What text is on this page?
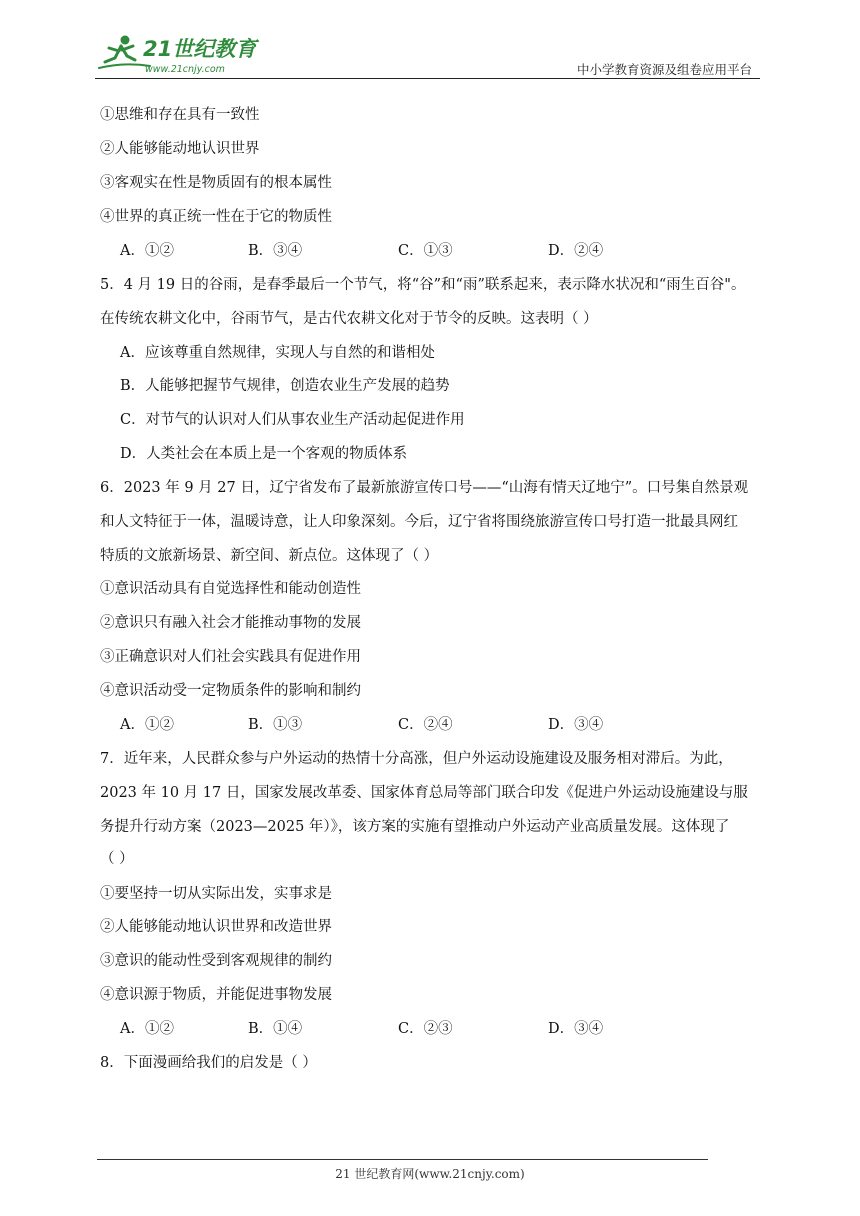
21世纪教育
www.21cnjy.com	中小学教育资源及组卷应用平台
①思维和存在具有一致性
②人能够能动地认识世界
③客观实在性是物质固有的根本属性
④世界的真正统一性在于它的物质性
A．①②	B．③④	C．①③	D．②④
5．4 月 19 日的谷雨，是春季最后一个节气，将“谷”和“雨”联系起来，表示降水状况和“雨生百谷"。
在传统农耕文化中，谷雨节气，是古代农耕文化对于节令的反映。这表明（ ）
A．应该尊重自然规律，实现人与自然的和谐相处
B．人能够把握节气规律，创造农业生产发展的趋势
C．对节气的认识对人们从事农业生产活动起促进作用
D．人类社会在本质上是一个客观的物质体系
6．2023 年 9 月 27 日，辽宁省发布了最新旅游宣传口号——“山海有情天辽地宁”。口号集自然景观
和人文特征于一体，温暖诗意，让人印象深刻。今后，辽宁省将围绕旅游宣传口号打造一批最具网红
特质的文旅新场景、新空间、新点位。这体现了（ ）
①意识活动具有自觉选择性和能动创造性
②意识只有融入社会才能推动事物的发展
③正确意识对人们社会实践具有促进作用
④意识活动受一定物质条件的影响和制约
A．①②	B．①③	C．②④	D．③④
7．近年来，人民群众参与户外运动的热情十分高涨，但户外运动设施建设及服务相对滞后。为此，
2023 年 10 月 17 日，国家发展改革委、国家体育总局等部门联合印发《促进户外运动设施建设与服
务提升行动方案（2023—2025 年）》，该方案的实施有望推动户外运动产业高质量发展。这体现了
（ ）
①要坚持一切从实际出发，实事求是
②人能够能动地认识世界和改造世界
③意识的能动性受到客观规律的制约
④意识源于物质，并能促进事物发展
A．①②	B．①④	C．②③	D．③④
8．下面漫画给我们的启发是（ ）
21 世纪教育网(www.21cnjy.com)
